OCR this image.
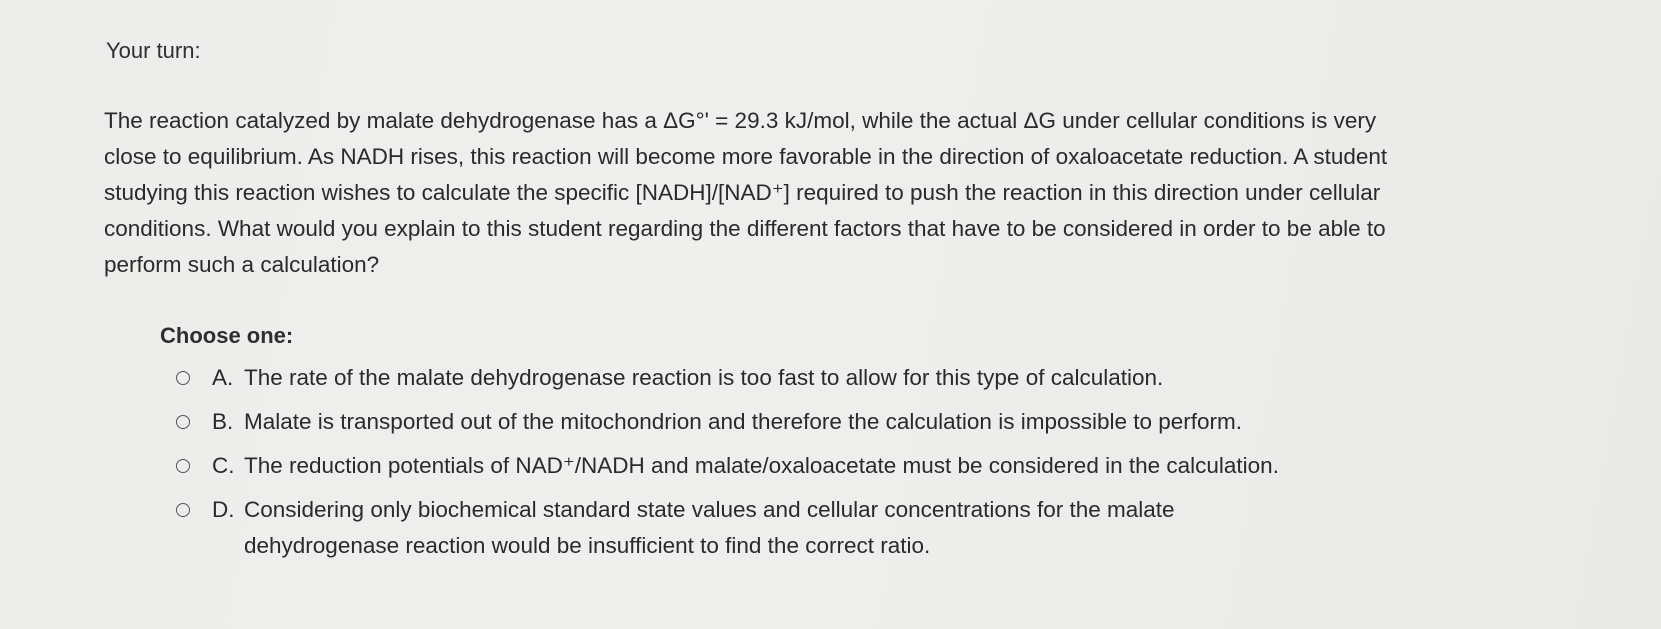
Your turn:
The reaction catalyzed by malate dehydrogenase has a ΔG°' = 29.3 kJ/mol, while the actual ΔG under cellular conditions is very
close to equilibrium. As NADH rises, this reaction will become more favorable in the direction of oxaloacetate reduction. A student
studying this reaction wishes to calculate the specific [NADH]/[NAD⁺] required to push the reaction in this direction under cellular
conditions. What would you explain to this student regarding the different factors that have to be considered in order to be able to
perform such a calculation?
Choose one:
A. The rate of the malate dehydrogenase reaction is too fast to allow for this type of calculation.
B. Malate is transported out of the mitochondrion and therefore the calculation is impossible to perform.
C. The reduction potentials of NAD⁺/NADH and malate/oxaloacetate must be considered in the calculation.
D. Considering only biochemical standard state values and cellular concentrations for the malate
dehydrogenase reaction would be insufficient to find the correct ratio.
